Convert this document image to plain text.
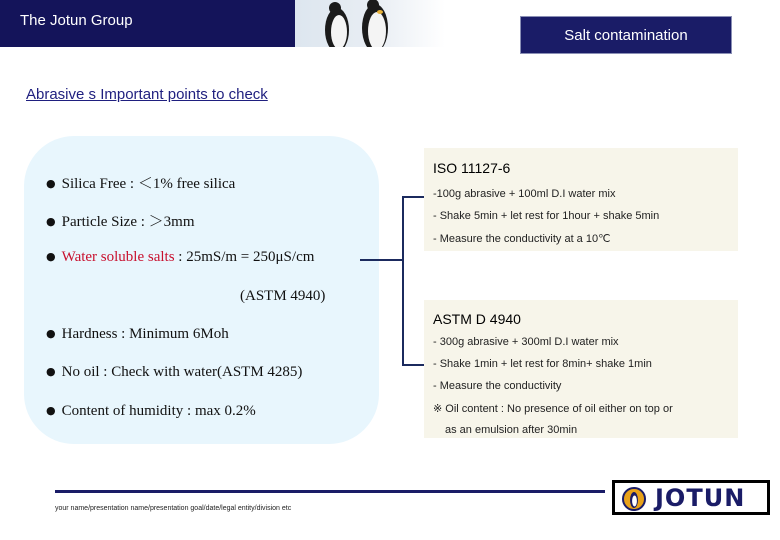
The Jotun Group
Salt contamination
Abrasive s Important points to check
● Silica Free : ＜1% free silica
● Particle Size : ＞3mm
● Water soluble salts : 25mS/m = 250μS/cm
(ASTM 4940)
● Hardness : Minimum 6Moh
● No oil : Check with water(ASTM 4285)
● Content of humidity : max 0.2%
ISO 11127-6
-100g abrasive + 100ml D.I water mix
- Shake 5min + let rest for 1hour + shake 5min
- Measure the conductivity at a 10℃
ASTM D 4940
- 300g abrasive + 300ml D.I water mix
- Shake 1min + let rest for 8min+ shake 1min
- Measure the conductivity
※ Oil content : No presence of oil either on top or
as an emulsion after 30min
your name/presentation name/presentation goal/date/legal entity/division etc	JOTUN
